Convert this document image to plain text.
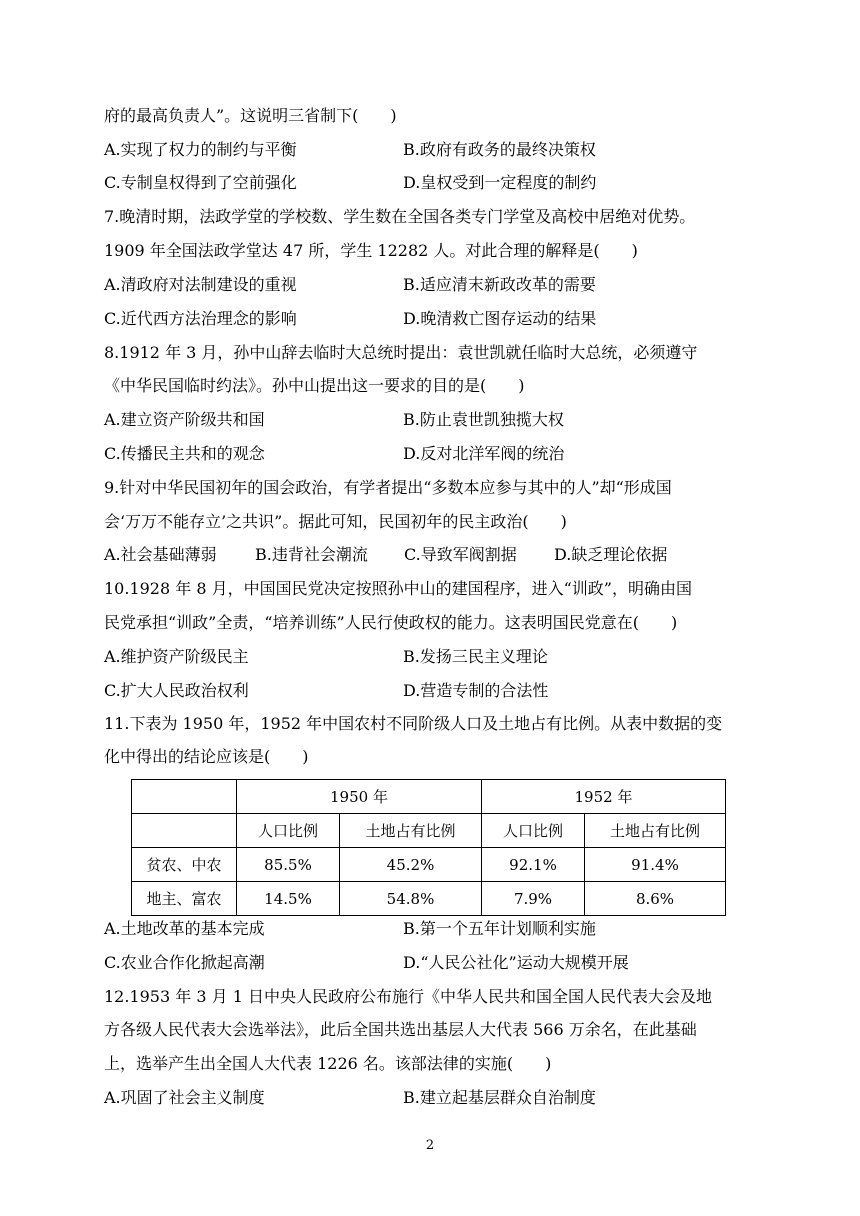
府的最高负责人”。这说明三省制下(　　)
A.实现了权力的制约与平衡	B.政府有政务的最终决策权
C.专制皇权得到了空前强化	D.皇权受到一定程度的制约
7.晚清时期，法政学堂的学校数、学生数在全国各类专门学堂及高校中居绝对优势。
1909 年全国法政学堂达 47 所，学生 12282 人。对此合理的解释是(　　)
A.清政府对法制建设的重视	B.适应清末新政改革的需要
C.近代西方法治理念的影响	D.晚清救亡图存运动的结果
8.1912 年 3 月，孙中山辞去临时大总统时提出：袁世凯就任临时大总统，必须遵守
《中华民国临时约法》。孙中山提出这一要求的目的是(　　)
A.建立资产阶级共和国	B.防止袁世凯独揽大权
C.传播民主共和的观念	D.反对北洋军阀的统治
9.针对中华民国初年的国会政治，有学者提出“多数本应参与其中的人”却“形成国
会‘万万不能存立’之共识”。据此可知，民国初年的民主政治(　　)
A.社会基础薄弱 B.违背社会潮流 C.导致军阀割据 D.缺乏理论依据
10.1928 年 8 月，中国国民党决定按照孙中山的建国程序，进入“训政”，明确由国
民党承担“训政”全责，“培养训练”人民行使政权的能力。这表明国民党意在(　　)
A.维护资产阶级民主	B.发扬三民主义理论
C.扩大人民政治权利	D.营造专制的合法性
11.下表为 1950 年，1952 年中国农村不同阶级人口及土地占有比例。从表中数据的变
化中得出的结论应该是(　　)
	1950 年		1952 年	
	人口比例	土地占有比例	人口比例	土地占有比例
贫农、中农	85.5%	45.2%	92.1%	91.4%
地主、富农	14.5%	54.8%	7.9%	8.6%
A.土地改革的基本完成	B.第一个五年计划顺利实施
C.农业合作化掀起高潮	D.“人民公社化”运动大规模开展
12.1953 年 3 月 1 日中央人民政府公布施行《中华人民共和国全国人民代表大会及地
方各级人民代表大会选举法》，此后全国共选出基层人大代表 566 万余名，在此基础
上，选举产生出全国人大代表 1226 名。该部法律的实施(　　)
A.巩固了社会主义制度	B.建立起基层群众自治制度
2
